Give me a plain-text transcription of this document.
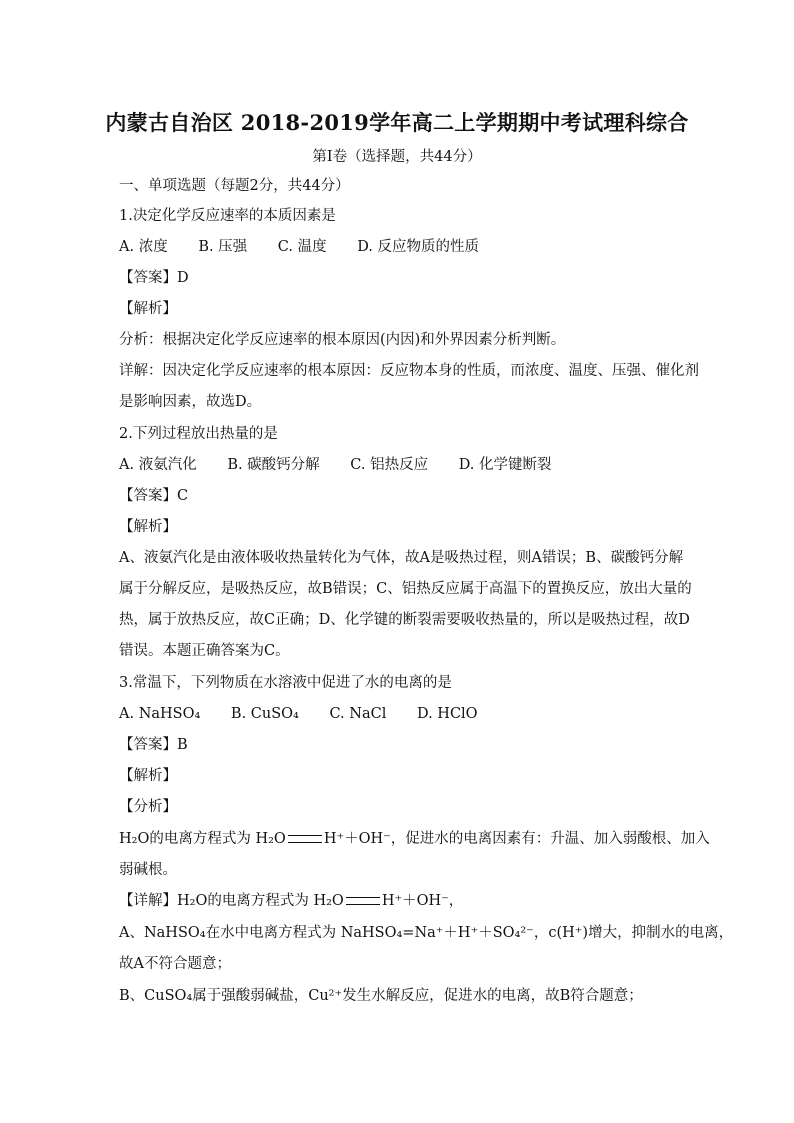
内蒙古自治区 2018-2019学年高二上学期期中考试理科综合
第I卷（选择题，共44分）
一、单项选题（每题2分，共44分）
1.决定化学反应速率的本质因素是
A. 浓度 B. 压强 C. 温度 D. 反应物质的性质
【答案】D
【解析】
分析：根据决定化学反应速率的根本原因(内因)和外界因素分析判断。
详解：因决定化学反应速率的根本原因：反应物本身的性质，而浓度、温度、压强、催化剂
是影响因素，故选D。
2.下列过程放出热量的是
A. 液氨汽化 B. 碳酸钙分解 C. 铝热反应 D. 化学键断裂
【答案】C
【解析】
A、液氨汽化是由液体吸收热量转化为气体，故A是吸热过程，则A错误；B、碳酸钙分解
属于分解反应，是吸热反应，故B错误；C、铝热反应属于高温下的置换反应，放出大量的
热，属于放热反应，故C正确；D、化学键的断裂需要吸收热量的，所以是吸热过程，故D
错误。本题正确答案为C。
3.常温下，下列物质在水溶液中促进了水的电离的是
A. NaHSO₄ B. CuSO₄ C. NaCl D. HClO
【答案】B
【解析】
【分析】
H₂O的电离方程式为 H₂O	H⁺＋OH⁻，促进水的电离因素有：升温、加入弱酸根、加入
弱碱根。
【详解】H₂O的电离方程式为 H₂O	H⁺＋OH⁻，
A、NaHSO₄在水中电离方程式为 NaHSO₄=Na⁺＋H⁺＋SO₄²⁻，c(H⁺)增大，抑制水的电离，
故A不符合题意；
B、CuSO₄属于强酸弱碱盐，Cu²⁺发生水解反应，促进水的电离，故B符合题意；
